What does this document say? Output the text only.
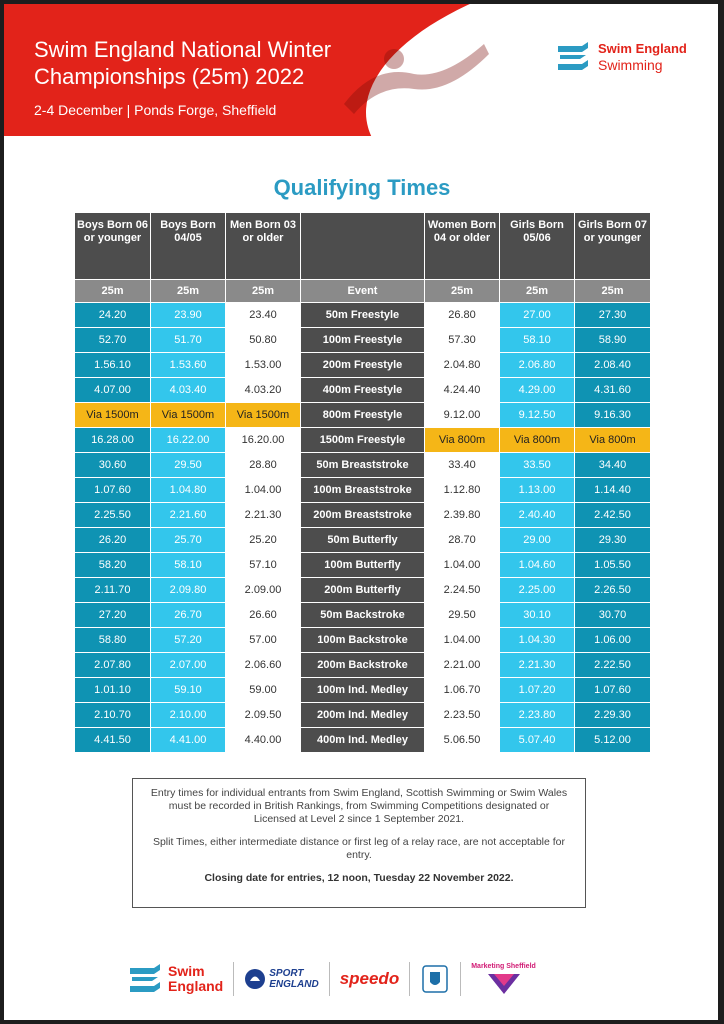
Swim England National Winter
Championships (25m) 2022
2-4 December | Ponds Forge, Sheffield
Swim England
Swimming
Qualifying Times
Boys Born 06 or younger	Boys Born 04/05	Men Born 03 or older		Women Born 04 or older	Girls Born 05/06	Girls Born 07 or younger
25m	25m	25m	Event	25m	25m	25m
24.20	23.90	23.40	50m Freestyle	26.80	27.00	27.30
52.70	51.70	50.80	100m Freestyle	57.30	58.10	58.90
1.56.10	1.53.60	1.53.00	200m Freestyle	2.04.80	2.06.80	2.08.40
4.07.00	4.03.40	4.03.20	400m Freestyle	4.24.40	4.29.00	4.31.60
Via 1500m	Via 1500m	Via 1500m	800m Freestyle	9.12.00	9.12.50	9.16.30
16.28.00	16.22.00	16.20.00	1500m Freestyle	Via 800m	Via 800m	Via 800m
30.60	29.50	28.80	50m Breaststroke	33.40	33.50	34.40
1.07.60	1.04.80	1.04.00	100m Breaststroke	1.12.80	1.13.00	1.14.40
2.25.50	2.21.60	2.21.30	200m Breaststroke	2.39.80	2.40.40	2.42.50
26.20	25.70	25.20	50m Butterfly	28.70	29.00	29.30
58.20	58.10	57.10	100m Butterfly	1.04.00	1.04.60	1.05.50
2.11.70	2.09.80	2.09.00	200m Butterfly	2.24.50	2.25.00	2.26.50
27.20	26.70	26.60	50m Backstroke	29.50	30.10	30.70
58.80	57.20	57.00	100m Backstroke	1.04.00	1.04.30	1.06.00
2.07.80	2.07.00	2.06.60	200m Backstroke	2.21.00	2.21.30	2.22.50
1.01.10	59.10	59.00	100m Ind. Medley	1.06.70	1.07.20	1.07.60
2.10.70	2.10.00	2.09.50	200m Ind. Medley	2.23.50	2.23.80	2.29.30
4.41.50	4.41.00	4.40.00	400m Ind. Medley	5.06.50	5.07.40	5.12.00

Entry times for individual entrants from Swim England, Scottish Swimming or Swim Wales must be recorded in British Rankings, from Swimming Competitions designated or Licensed at Level 2 since 1 September 2021.

Split Times, either intermediate distance or first leg of a relay race, are not acceptable for entry.

Closing date for entries, 12 noon, Tuesday 22 November 2022.

Swim
England
SPORT
ENGLAND speedo
Marketing Sheffield
